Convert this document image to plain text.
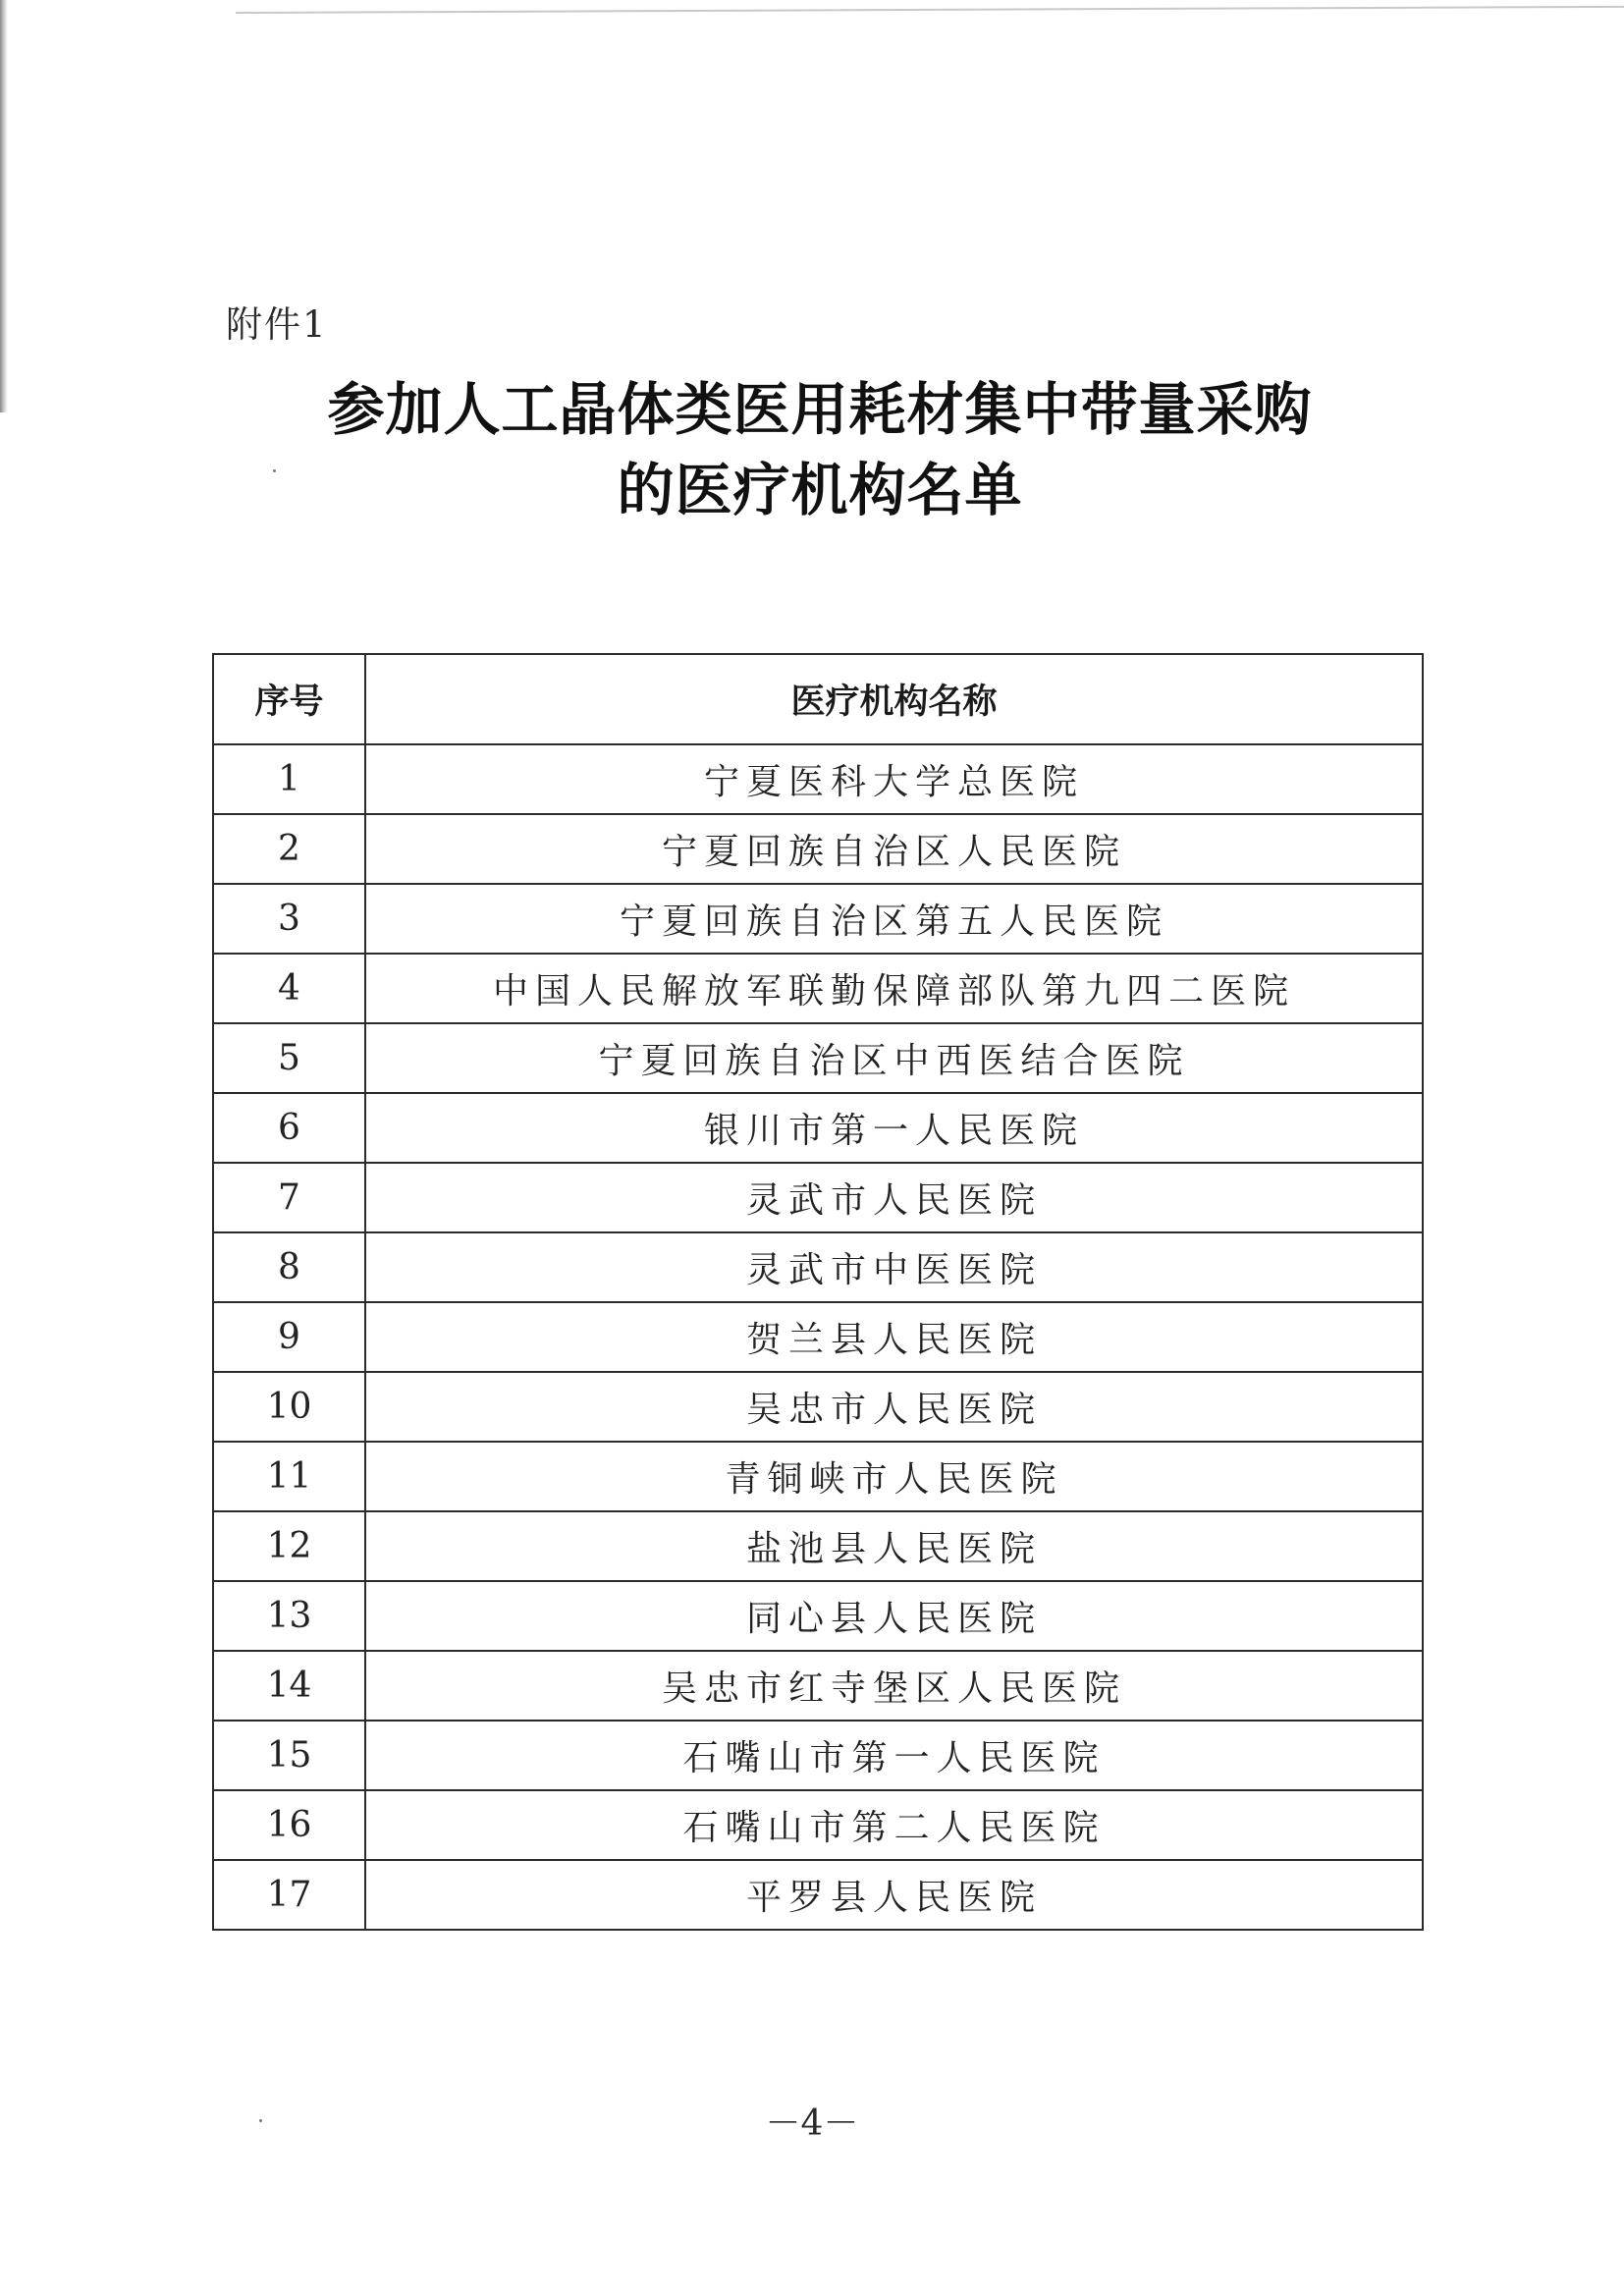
附件1
参加人工晶体类医用耗材集中带量采购
的医疗机构名单
序号	医疗机构名称
1	宁夏医科大学总医院
2	宁夏回族自治区人民医院
3	宁夏回族自治区第五人民医院
4	中国人民解放军联勤保障部队第九四二医院
5	宁夏回族自治区中西医结合医院
6	银川市第一人民医院
7	灵武市人民医院
8	灵武市中医医院
9	贺兰县人民医院
10	吴忠市人民医院
11	青铜峡市人民医院
12	盐池县人民医院
13	同心县人民医院
14	吴忠市红寺堡区人民医院
15	石嘴山市第一人民医院
16	石嘴山市第二人民医院
17	平罗县人民医院
－4－
